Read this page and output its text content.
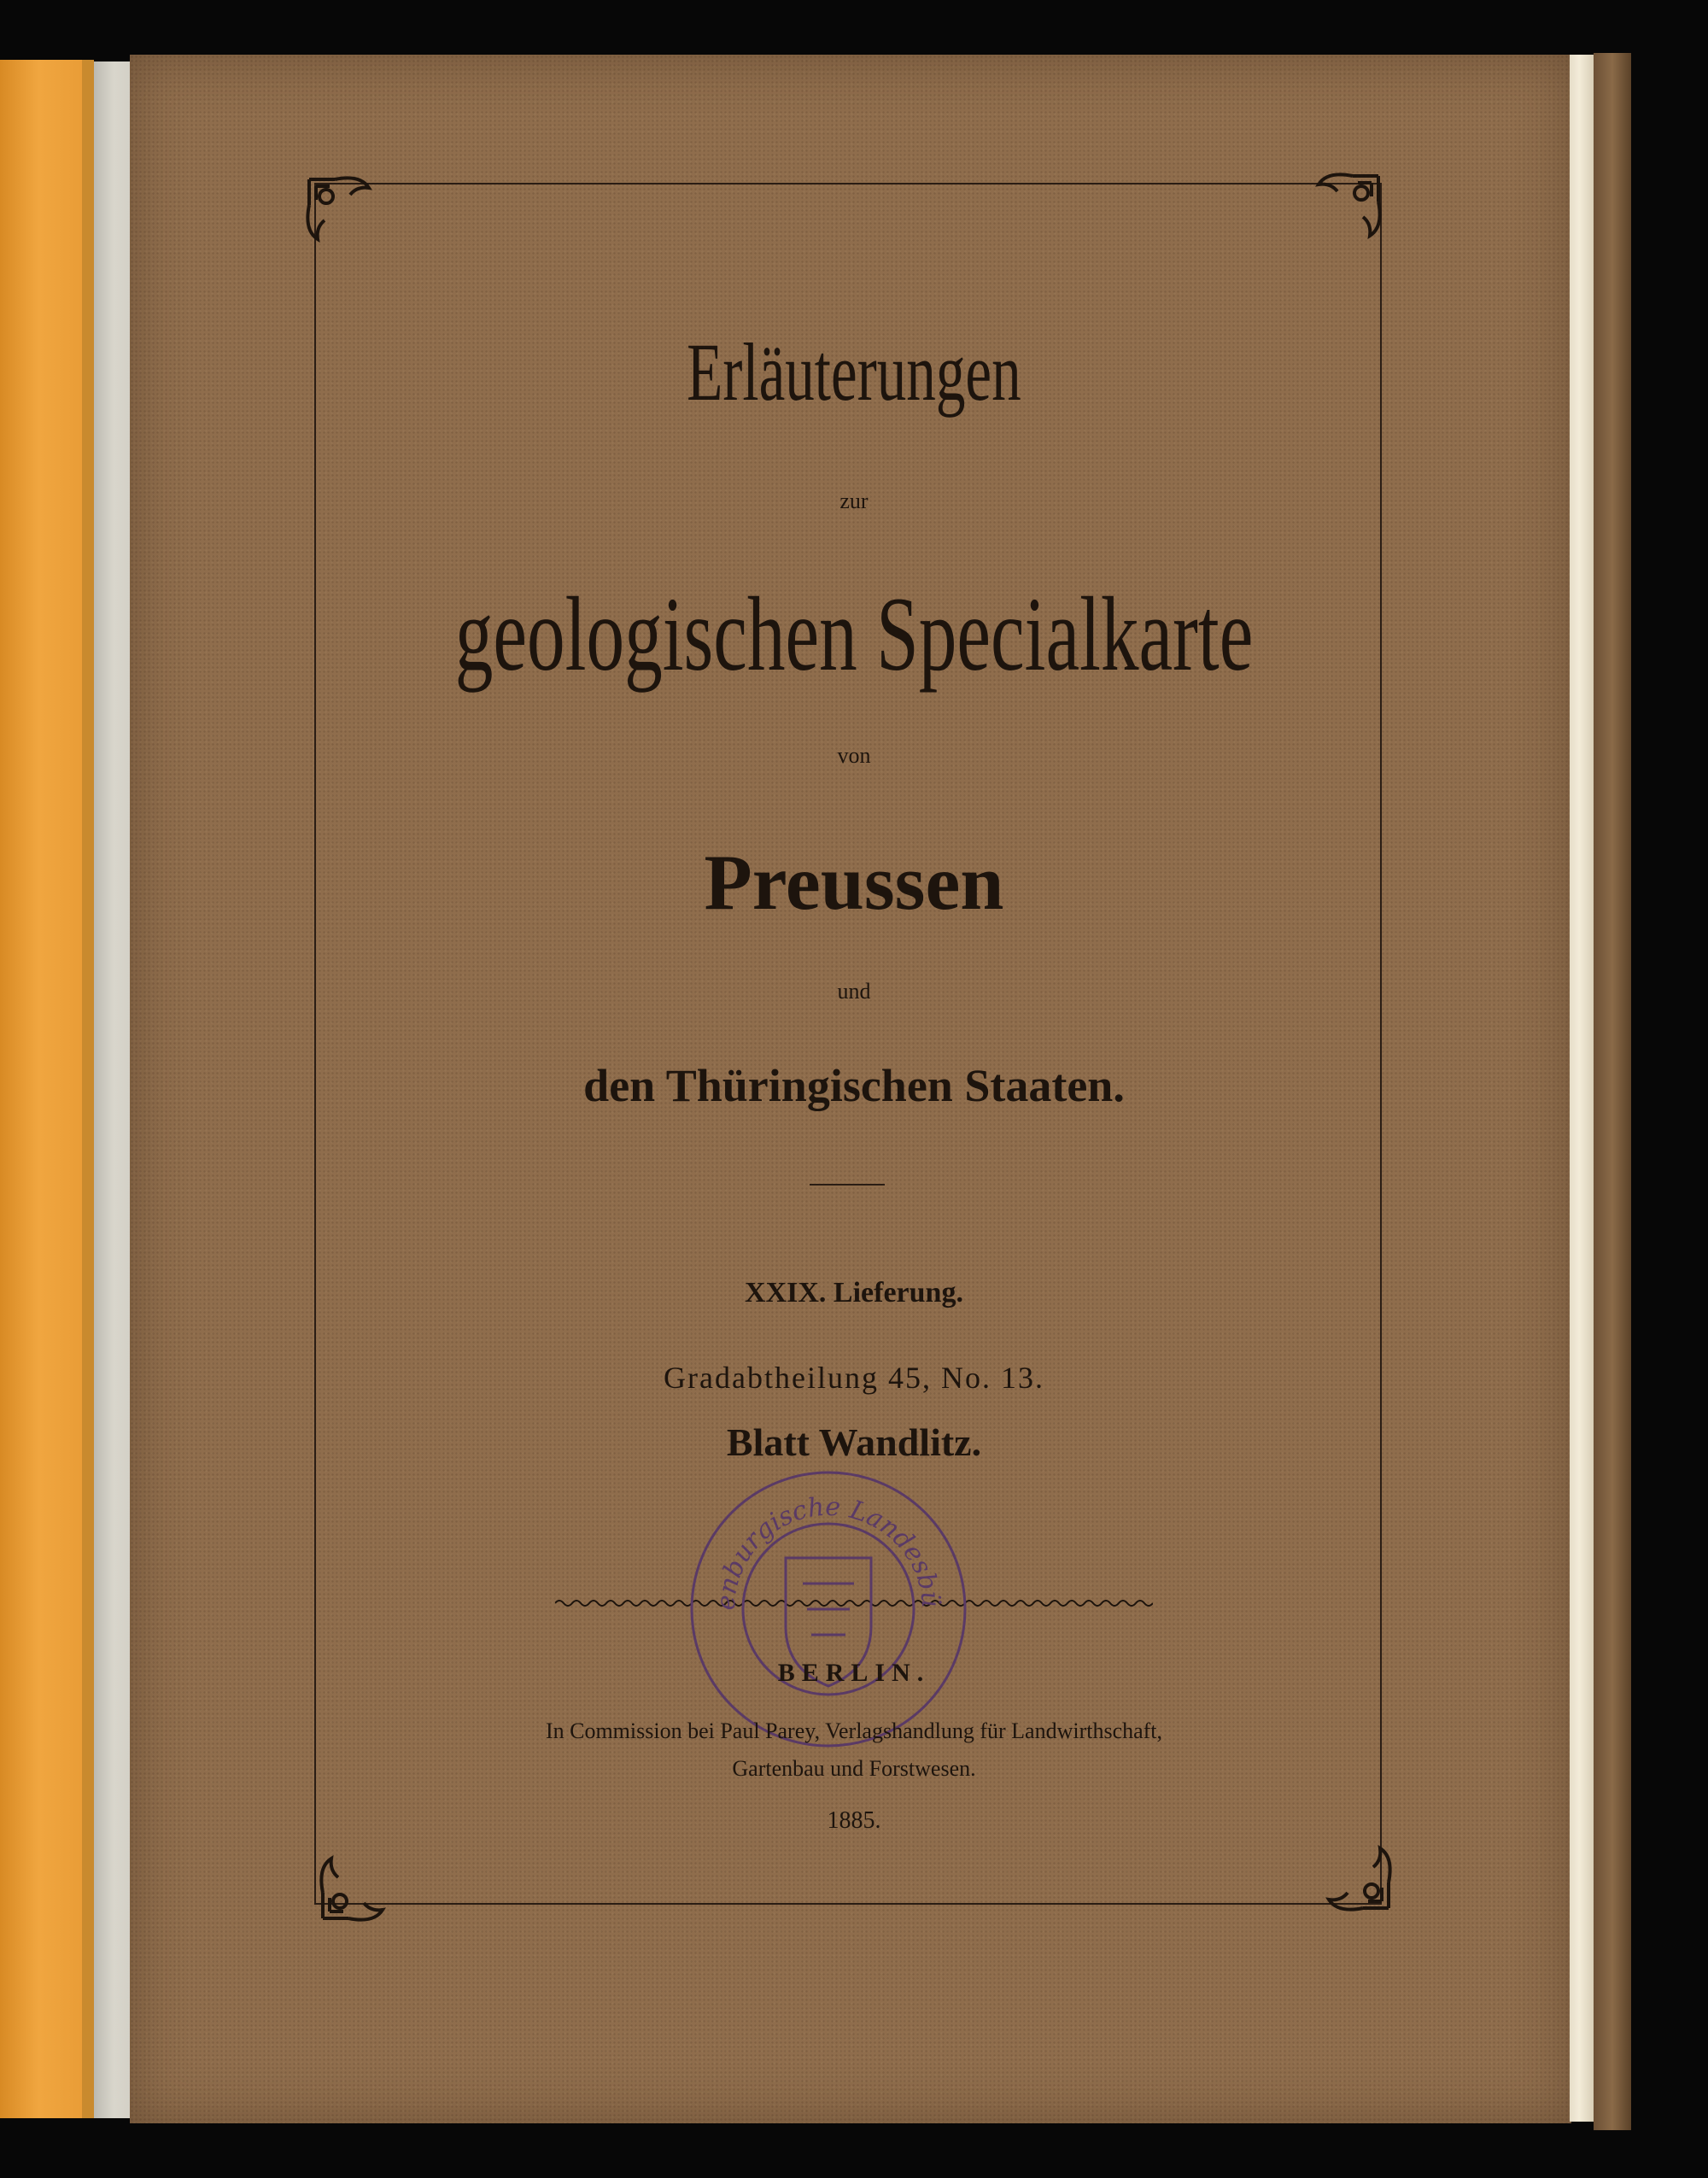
Erläuterungen
zur
geologischen Specialkarte
von
Preussen
und
den Thüringischen Staaten.
XXIX. Lieferung.
Gradabtheilung 45, No. 13.
Blatt Wandlitz.
enburgische Landesbü
BERLIN.
In Commission bei Paul Parey, Verlagshandlung für Landwirthschaft,
Gartenbau und Forstwesen.
1885.
